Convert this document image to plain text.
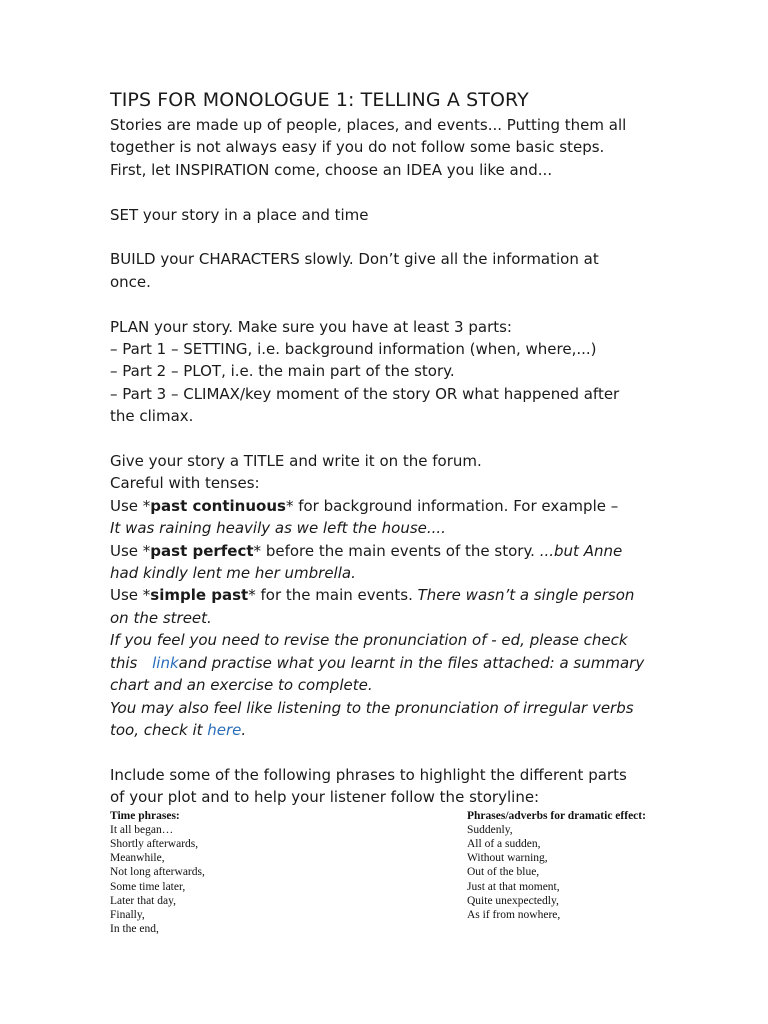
TIPS FOR MONOLOGUE 1: TELLING A STORY
Stories are made up of people, places, and events... Putting them all
together is not always easy if you do not follow some basic steps.
First, let INSPIRATION come, choose an IDEA you like and...
SET your story in a place and time
BUILD your CHARACTERS slowly. Don’t give all the information at
once.
PLAN your story. Make sure you have at least 3 parts:
– Part 1 – SETTING, i.e. background information (when, where,...)
– Part 2 – PLOT, i.e. the main part of the story.
– Part 3 – CLIMAX/key moment of the story OR what happened after
the climax.
Give your story a TITLE and write it on the forum.
Careful with tenses:
Use *past continuous* for background information. For example –
It was raining heavily as we left the house....
Use *past perfect* before the main events of the story. ...but Anne
had kindly lent me her umbrella.
Use *simple past* for the main events. There wasn’t a single person
on the street.
If you feel you need to revise the pronunciation of - ed, please check
this linkand practise what you learnt in the files attached: a summary
chart and an exercise to complete.
You may also feel like listening to the pronunciation of irregular verbs
too, check it here.
Include some of the following phrases to highlight the different parts
of your plot and to help your listener follow the storyline:
Time phrases:
It all began…
Shortly afterwards,
Meanwhile,
Not long afterwards,
Some time later,
Later that day,
Finally,
In the end,
Phrases/adverbs for dramatic effect:
Suddenly,
All of a sudden,
Without warning,
Out of the blue,
Just at that moment,
Quite unexpectedly,
As if from nowhere,
